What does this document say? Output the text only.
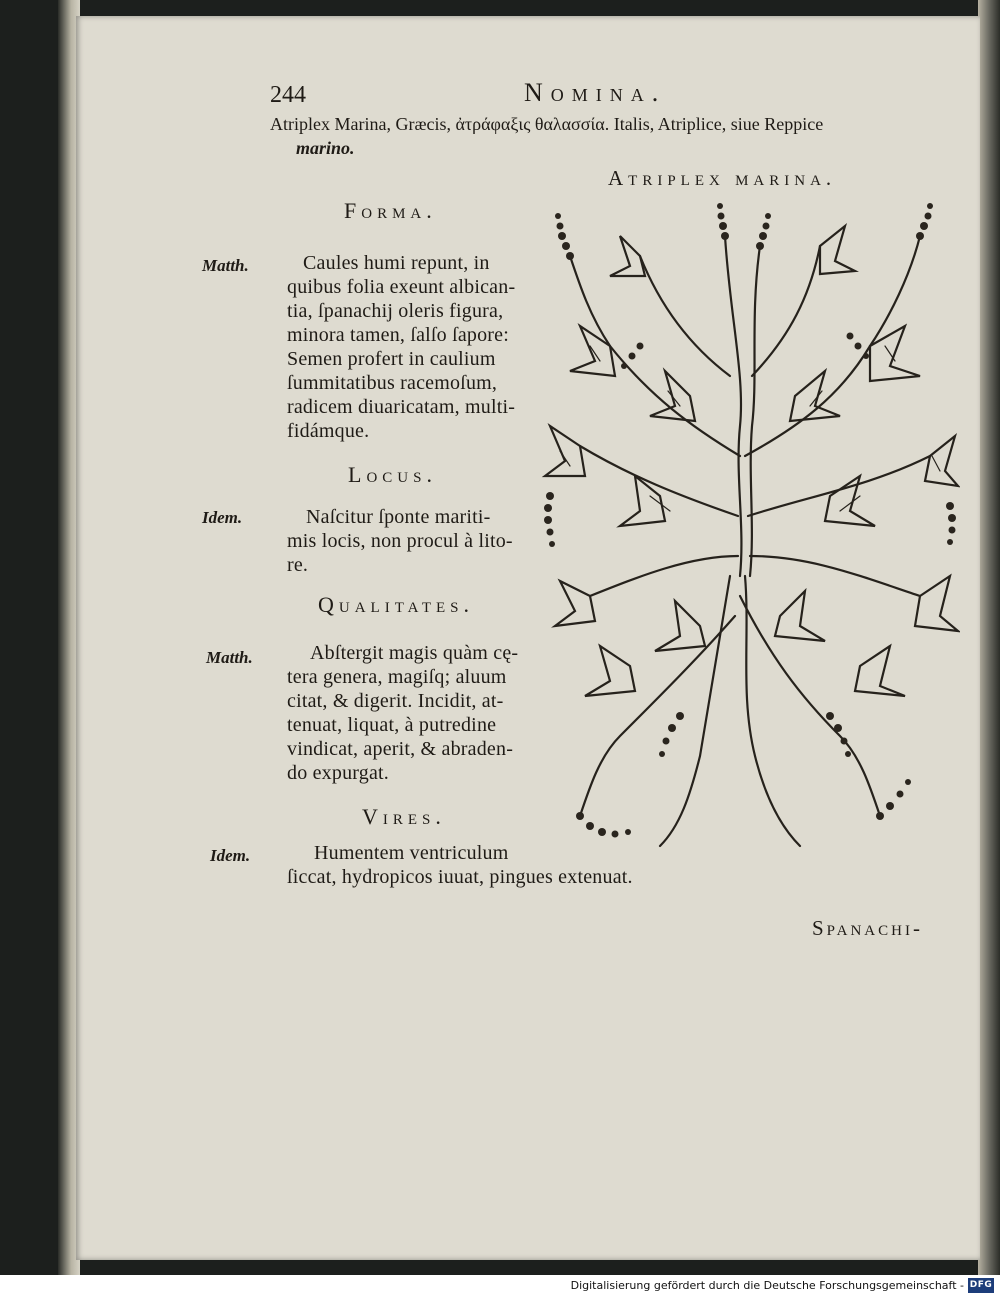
244	Nomina.
Atriplex Marina, Græcis, ἀτράφαξις θαλασσία. Italis, Atriplice, siue Reppice
marino.
Atriplex marina.
Forma.
Matth.	Caules humi repunt, in
quibus folia exeunt albican-
tia, ſpanachij oleris figura,
minora tamen, ſalſo ſapore:
Semen profert in caulium
ſummitatibus racemoſum,
radicem diuaricatam, multi-
fidámque.
Locus.
Idem.	Naſcitur ſponte mariti-
mis locis, non procul à lito-
re.
Qualitates.
Matth.	Abſtergit magis quàm cę-
tera genera, magiſq; aluum
citat, & digerit. Incidit, at-
tenuat, liquat, à putredine
vindicat, aperit, & abraden-
do expurgat.
Vires.
Idem.	Humentem ventriculum
ſiccat, hydropicos iuuat, pingues extenuat.
Spanachi-
Digitalisierung gefördert durch die Deutsche Forschungsgemeinschaft - DFG
